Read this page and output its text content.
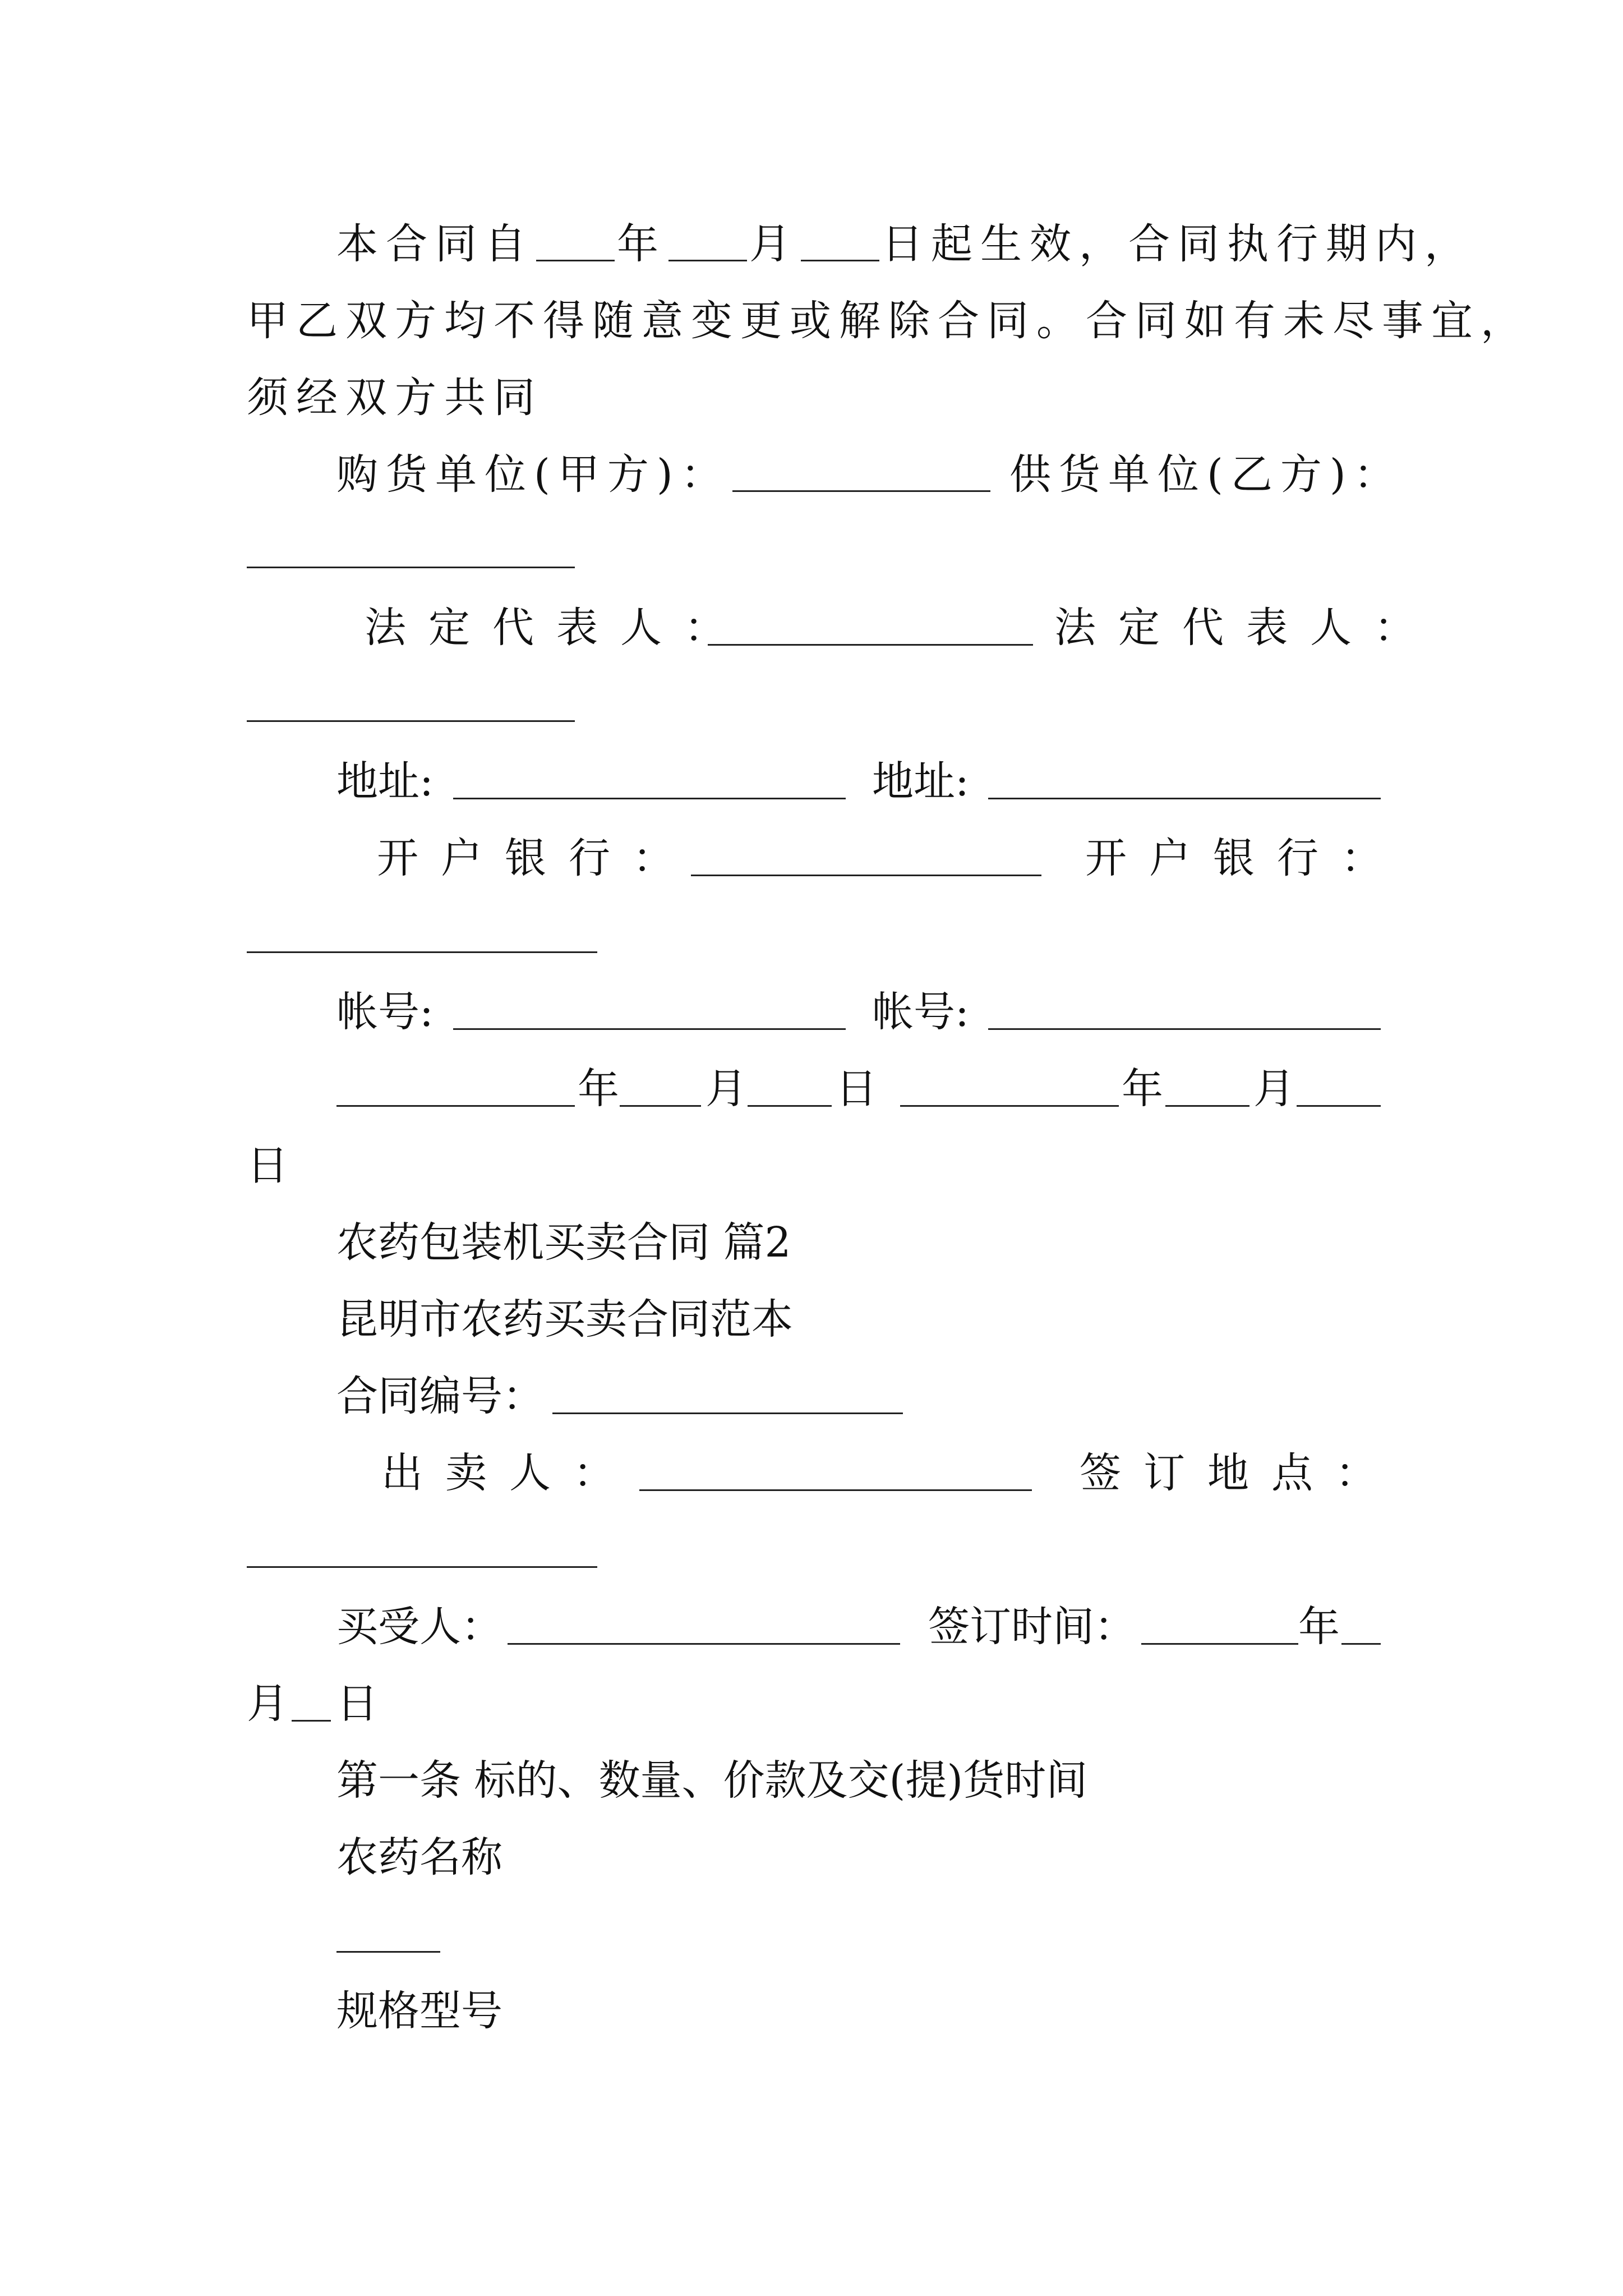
本合同自 年 月 日起生效，合同执行期内，

甲乙双方均不得随意变更或解除合同。合同如有未尽事宜，

须经双方共同

购货单位(甲方)：	供货单位(乙方)：

法定代表人：	法定代表人：

地址:	地址:

开户银行：	开户银行：

帐号:	帐号:

年 月 日	年 月

日

农药包装机买卖合同 篇2

昆明市农药买卖合同范本

合同编号：

出卖人：	签订地点：

买受人：	签订时间：	年

月 日

第一条 标的、数量、价款及交(提)货时间

农药名称

规格型号
